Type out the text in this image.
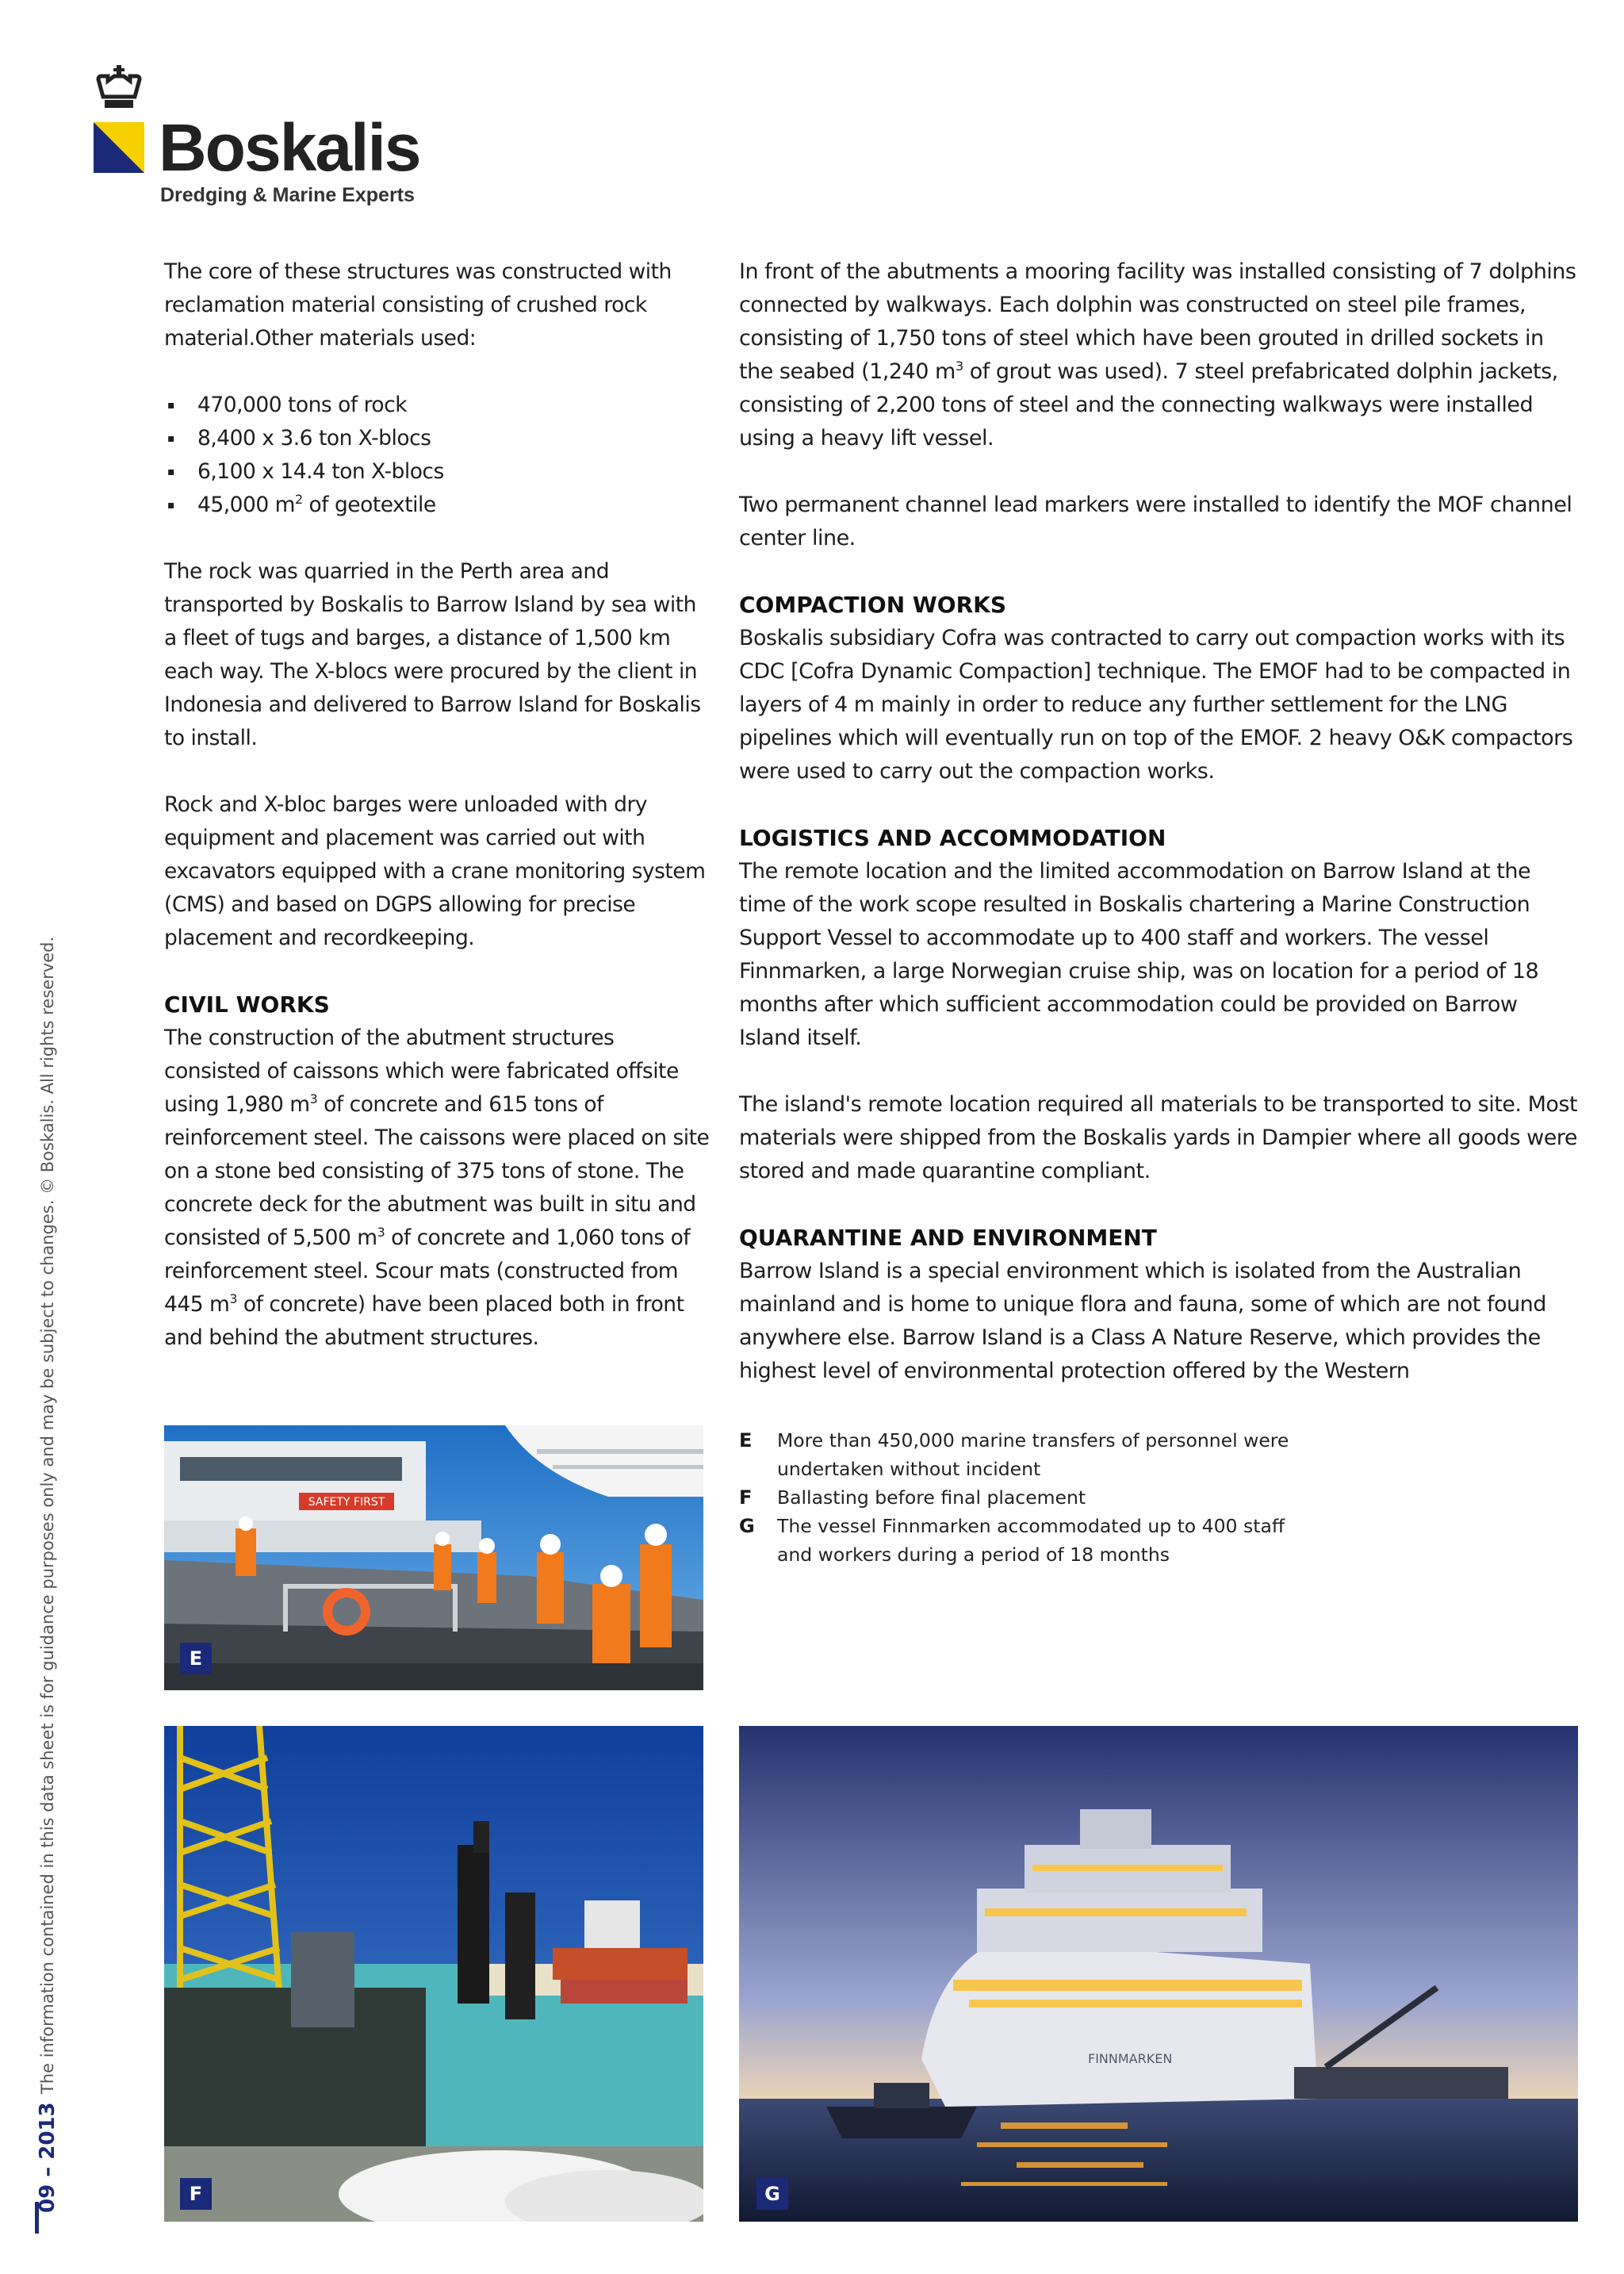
Boskalis

Dredging & Marine Experts

The core of these structures was constructed with reclamation material consisting of crushed rock material.Other materials used:

▪ 470,000 tons of rock
▪ 8,400 x 3.6 ton X-blocs
▪ 6,100 x 14.4 ton X-blocs
▪ 45,000 $m^2$ of geotextile

The rock was quarried in the Perth area and transported by Boskalis to Barrow Island by sea with a fleet of tugs and barges, a distance of 1,500 km each way. The X-blocs were procured by the client in Indonesia and delivered to Barrow Island for Boskalis to install.

Rock and X-bloc barges were unloaded with dry equipment and placement was carried out with excavators equipped with a crane monitoring system (CMS) and based on DGPS allowing for precise placement and recordkeeping.

CIVIL WORKS

The construction of the abutment structures consisted of caissons which were fabricated offsite using 1,980 $m^3$ of concrete and 615 tons of reinforcement steel. The caissons were placed on site on a stone bed consisting of 375 tons of stone. The concrete deck for the abutment was built in situ and consisted of 5,500 $m^3$ of concrete and 1,060 tons of reinforcement steel. Scour mats (constructed from 445 $m^3$ of concrete) have been placed both in front and behind the abutment structures.

In front of the abutments a mooring facility was installed consisting of 7 dolphins connected by walkways. Each dolphin was constructed on steel pile frames, consisting of 1,750 tons of steel which have been grouted in drilled sockets in the seabed (1,240 $m^3$ of grout was used). 7 steel prefabricated dolphin jackets, consisting of 2,200 tons of steel and the connecting walkways were installed using a heavy lift vessel.

Two permanent channel lead markers were installed to identify the MOF channel center line.

COMPACTION WORKS

Boskalis subsidiary Cofra was contracted to carry out compaction works with its CDC [Cofra Dynamic Compaction] technique. The EMOF had to be compacted in layers of 4 m mainly in order to reduce any further settlement for the LNG pipelines which will eventually run on top of the EMOF. 2 heavy O&K compactors were used to carry out the compaction works.

LOGISTICS AND ACCOMMODATION

The remote location and the limited accommodation on Barrow Island at the time of the work scope resulted in Boskalis chartering a Marine Construction Support Vessel to accommodate up to 400 staff and workers. The vessel Finnmarken, a large Norwegian cruise ship, was on location for a period of 18 months after which sufficient accommodation could be provided on Barrow Island itself.

The island's remote location required all materials to be transported to site. Most materials were shipped from the Boskalis yards in Dampier where all goods were stored and made quarantine compliant.

QUARANTINE AND ENVIRONMENT

Barrow Island is a special environment which is isolated from the Australian mainland and is home to unique flora and fauna, some of which are not found anywhere else. Barrow Island is a Class A Nature Reserve, which provides the highest level of environmental protection offered by the Western

E	More than 450,000 marine transfers of personnel were undertaken without incident
F	Ballasting before final placement
G	The vessel Finnmarken accommodated up to 400 staff and workers during a period of 18 months
SAFETY FIRST
E
F
FINNMARKEN
G
The information contained in this data sheet is for guidance purposes only and may be subject to changes. © Boskalis. All rights reserved.
09 – 2013
